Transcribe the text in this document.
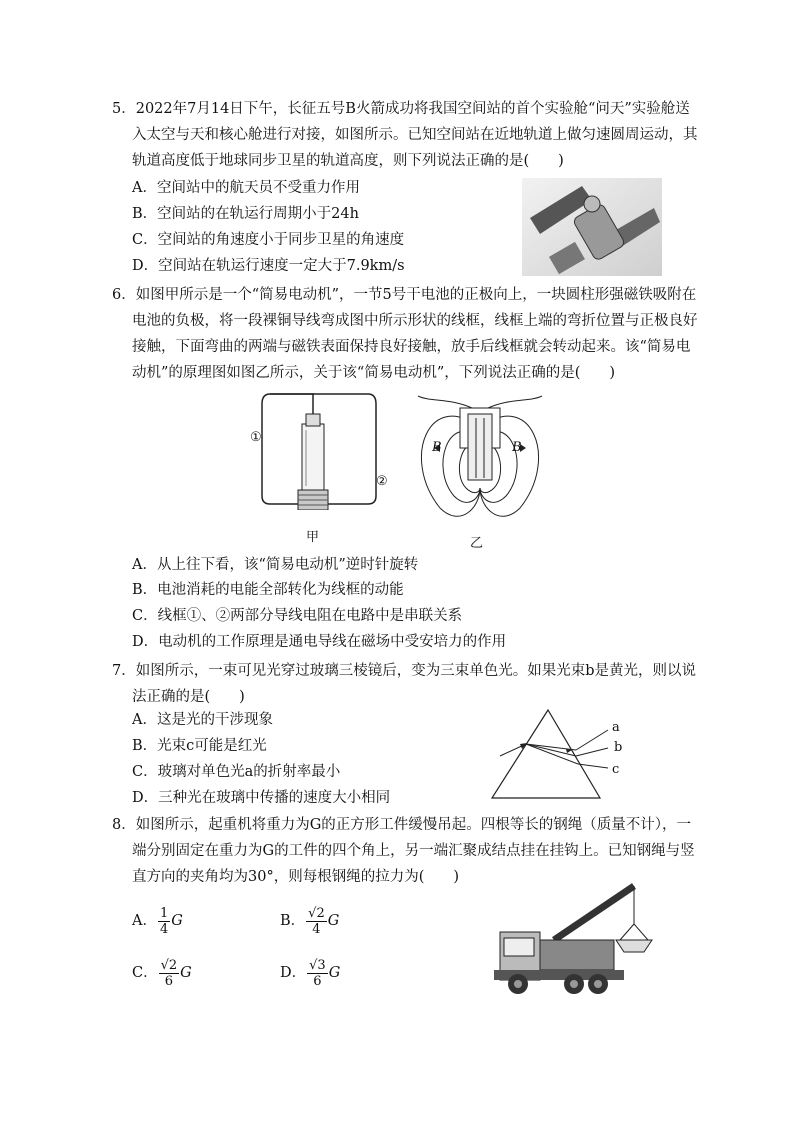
5．2022年7月14日下午，长征五号B火箭成功将我国空间站的首个实验舱“问天”实验舱送入太空与天和核心舱进行对接，如图所示。已知空间站在近地轨道上做匀速圆周运动，其轨道高度低于地球同步卫星的轨道高度，则下列说法正确的是(　　)
A．空间站中的航天员不受重力作用
B．空间站的在轨运行周期小于24h
C．空间站的角速度小于同步卫星的角速度
D．空间站在轨运行速度一定大于7.9km/s
6．如图甲所示是一个“简易电动机”，一节5号干电池的正极向上，一块圆柱形强磁铁吸附在电池的负极，将一段裸铜导线弯成图中所示形状的线框，线框上端的弯折位置与正极良好接触，下面弯曲的两端与磁铁表面保持良好接触，放手后线框就会转动起来。该“简易电动机”的原理图如图乙所示，关于该“简易电动机”，下列说法正确的是(　　)
①
②
甲
B	B
乙
A．从上往下看，该“简易电动机”逆时针旋转
B．电池消耗的电能全部转化为线框的动能
C．线框①、②两部分导线电阻在电路中是串联关系
D．电动机的工作原理是通电导线在磁场中受安培力的作用
7．如图所示，一束可见光穿过玻璃三棱镜后，变为三束单色光。如果光束b是黄光，则以说法正确的是(　　)
A．这是光的干涉现象
B．光束c可能是红光
C．玻璃对单色光a的折射率最小
D．三种光在玻璃中传播的速度大小相同
a
b
c
8．如图所示，起重机将重力为G的正方形工件缓慢吊起。四根等长的钢绳（质量不计），一端分别固定在重力为G的工件的四个角上，另一端汇聚成结点挂在挂钩上。已知钢绳与竖直方向的夹角均为30°，则每根钢绳的拉力为(　　)
A． $\frac{1}{4}$ G	B． $\frac{√2}{4}$ G
C． $\frac{√2}{6}$ G	D． $\frac{√3}{6}$ G
